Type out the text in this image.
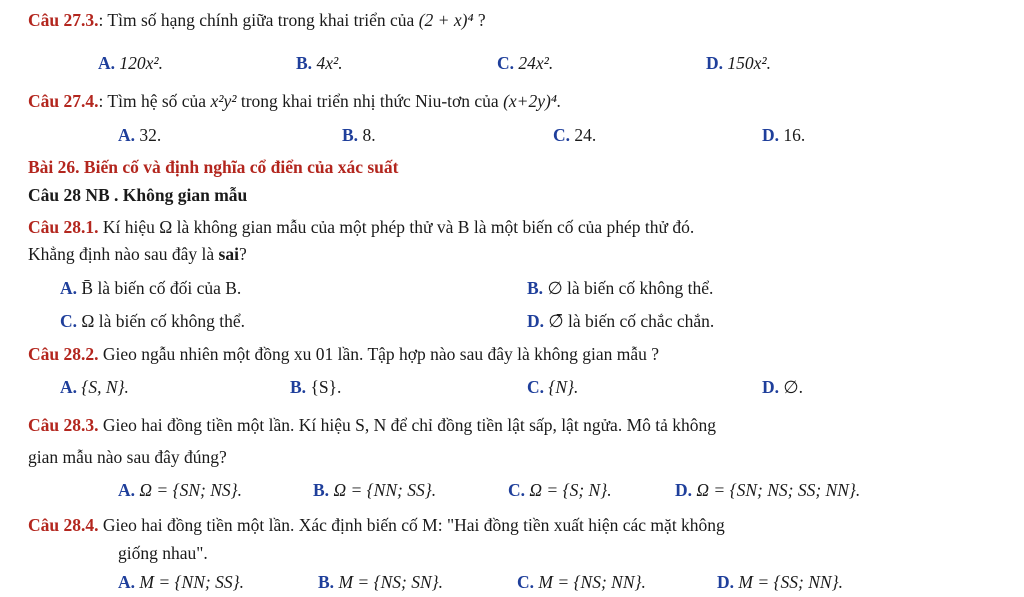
Câu 27.3.: Tìm số hạng chính giữa trong khai triển của (2 + x)⁴ ?
A. 120x².	B. 4x².	C. 24x².	D. 150x².
Câu 27.4.: Tìm hệ số của x²y² trong khai triển nhị thức Niu-tơn của (x+2y)⁴.
A. 32.	B. 8.	C. 24.	D. 16.
Bài 26. Biến cố và định nghĩa cổ điển của xác suất
Câu 28 NB . Không gian mẫu
Câu 28.1. Kí hiệu Ω là không gian mẫu của một phép thử và B là một biến cố của phép thử đó.
Khẳng định nào sau đây là sai?
A. B̄ là biến cố đối của B.	B. ∅ là biến cố không thể.
C. Ω là biến cố không thể.	D. ∅̄ là biến cố chắc chắn.
Câu 28.2. Gieo ngẫu nhiên một đồng xu 01 lần. Tập hợp nào sau đây là không gian mẫu ?
A. {S, N}.	B. {S}.	C. {N}.	D. ∅.
Câu 28.3. Gieo hai đồng tiền một lần. Kí hiệu S, N để chỉ đồng tiền lật sấp, lật ngửa. Mô tả không
gian mẫu nào sau đây đúng?
A. Ω = {SN; NS}.	B. Ω = {NN; SS}.	C. Ω = {S; N}.	D. Ω = {SN; NS; SS; NN}.
Câu 28.4. Gieo hai đồng tiền một lần. Xác định biến cố M: "Hai đồng tiền xuất hiện các mặt không
giống nhau".
A. M = {NN; SS}.	B. M = {NS; SN}.	C. M = {NS; NN}.	D. M = {SS; NN}.
